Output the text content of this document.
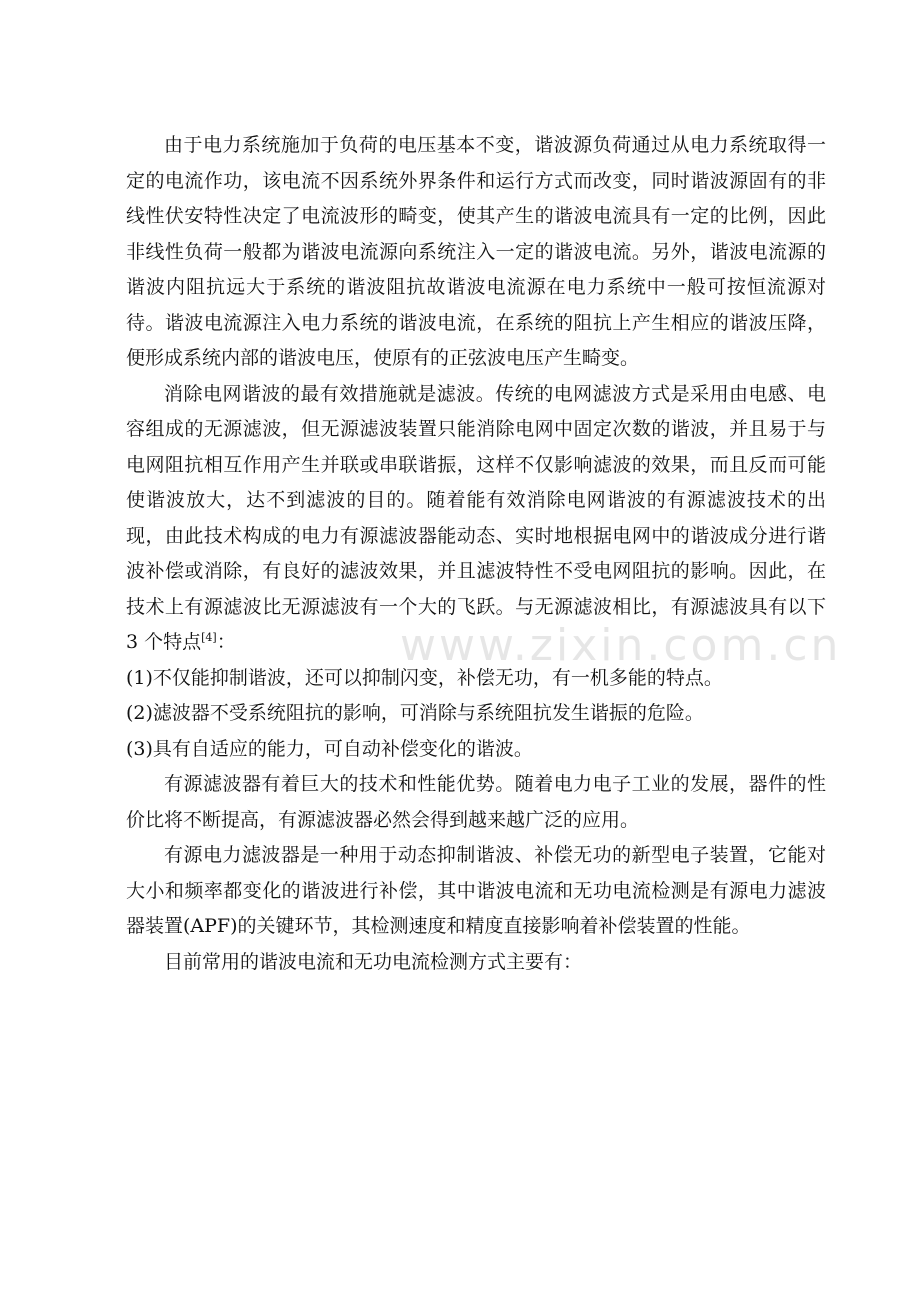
www.zixin.com.cn

由于电力系统施加于负荷的电压基本不变，谐波源负荷通过从电力系统取得一定的电流作功，该电流不因系统外界条件和运行方式而改变，同时谐波源固有的非线性伏安特性决定了电流波形的畸变，使其产生的谐波电流具有一定的比例，因此非线性负荷一般都为谐波电流源向系统注入一定的谐波电流。另外，谐波电流源的谐波内阻抗远大于系统的谐波阻抗故谐波电流源在电力系统中一般可按恒流源对待。谐波电流源注入电力系统的谐波电流，在系统的阻抗上产生相应的谐波压降，便形成系统内部的谐波电压，使原有的正弦波电压产生畸变。

消除电网谐波的最有效措施就是滤波。传统的电网滤波方式是采用由电感、电容组成的无源滤波，但无源滤波装置只能消除电网中固定次数的谐波，并且易于与电网阻抗相互作用产生并联或串联谐振，这样不仅影响滤波的效果，而且反而可能使谐波放大，达不到滤波的目的。随着能有效消除电网谐波的有源滤波技术的出现，由此技术构成的电力有源滤波器能动态、实时地根据电网中的谐波成分进行谐波补偿或消除，有良好的滤波效果，并且滤波特性不受电网阻抗的影响。因此，在技术上有源滤波比无源滤波有一个大的飞跃。与无源滤波相比，有源滤波具有以下 3 个特点[4]：

(1)不仅能抑制谐波，还可以抑制闪变，补偿无功，有一机多能的特点。

(2)滤波器不受系统阻抗的影响，可消除与系统阻抗发生谐振的危险。

(3)具有自适应的能力，可自动补偿变化的谐波。

有源滤波器有着巨大的技术和性能优势。随着电力电子工业的发展，器件的性价比将不断提高，有源滤波器必然会得到越来越广泛的应用。

有源电力滤波器是一种用于动态抑制谐波、补偿无功的新型电子装置，它能对大小和频率都变化的谐波进行补偿，其中谐波电流和无功电流检测是有源电力滤波器装置(APF)的关键环节，其检测速度和精度直接影响着补偿装置的性能。

目前常用的谐波电流和无功电流检测方式主要有：
